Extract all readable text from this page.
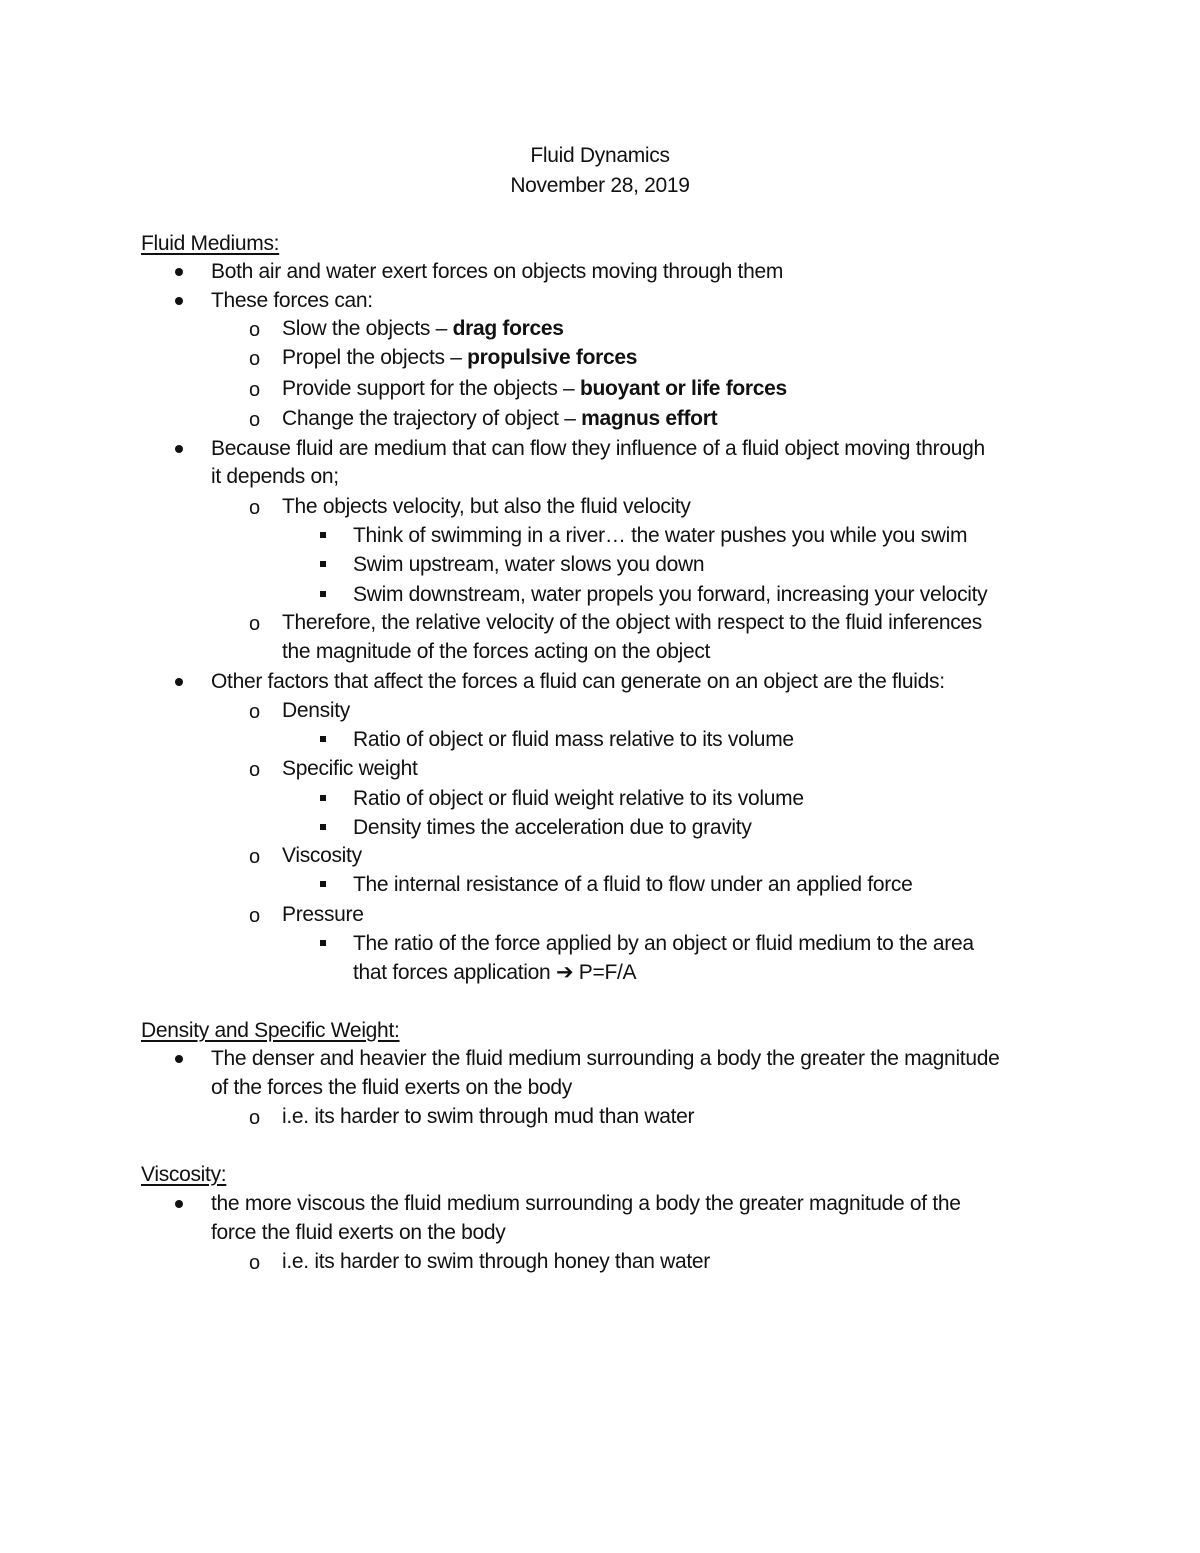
Fluid Dynamics
November 28, 2019
Fluid Mediums:
Both air and water exert forces on objects moving through them
These forces can:
o Slow the objects – drag forces
o Propel the objects – propulsive forces
o Provide support for the objects – buoyant or life forces
o Change the trajectory of object – magnus effort
Because fluid are medium that can flow they influence of a fluid object moving through
it depends on;
o The objects velocity, but also the fluid velocity
Think of swimming in a river… the water pushes you while you swim
Swim upstream, water slows you down
Swim downstream, water propels you forward, increasing your velocity
o Therefore, the relative velocity of the object with respect to the fluid inferences
the magnitude of the forces acting on the object
Other factors that affect the forces a fluid can generate on an object are the fluids:
o Density
Ratio of object or fluid mass relative to its volume
o Specific weight
Ratio of object or fluid weight relative to its volume
Density times the acceleration due to gravity
o Viscosity
The internal resistance of a fluid to flow under an applied force
o Pressure
The ratio of the force applied by an object or fluid medium to the area
that forces application ➔ P=F/A
Density and Specific Weight:
The denser and heavier the fluid medium surrounding a body the greater the magnitude
of the forces the fluid exerts on the body
o i.e. its harder to swim through mud than water
Viscosity:
the more viscous the fluid medium surrounding a body the greater magnitude of the
force the fluid exerts on the body
o i.e. its harder to swim through honey than water
